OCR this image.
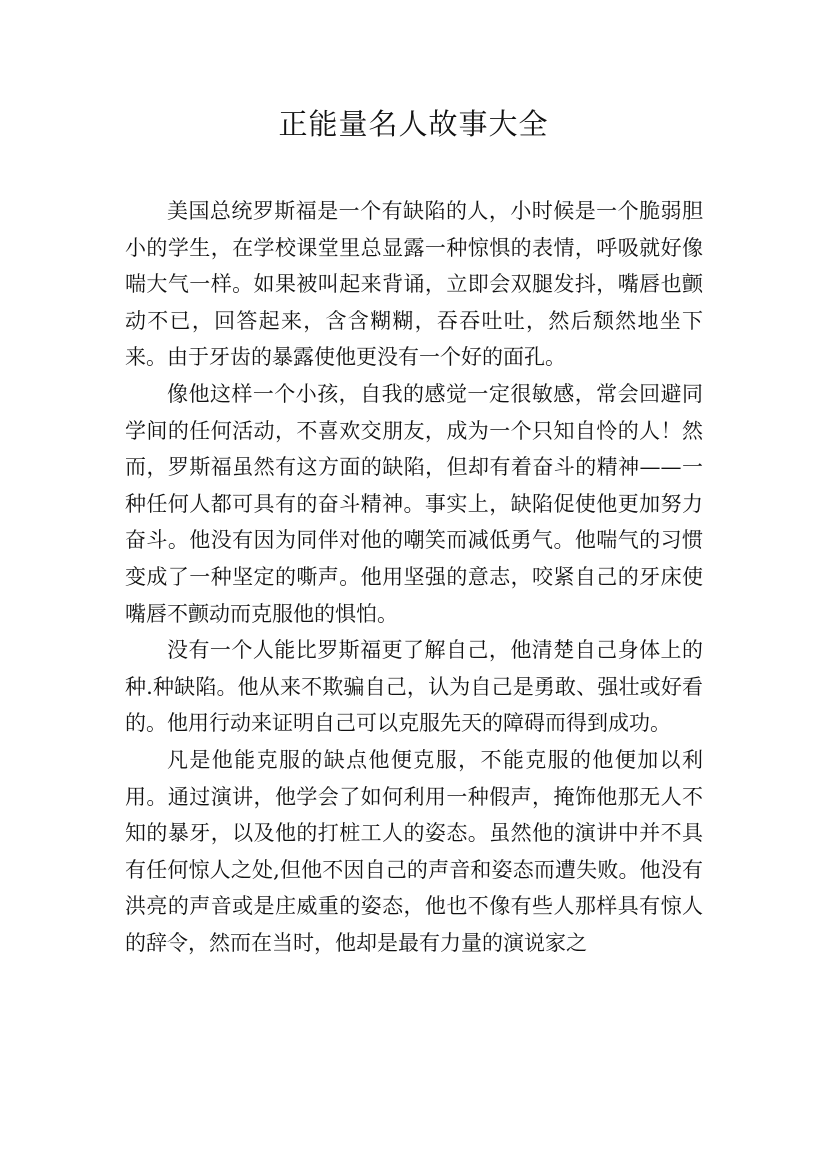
正能量名人故事大全

美国总统罗斯福是一个有缺陷的人，小时候是一个脆弱胆小的学生，在学校课堂里总显露一种惊惧的表情，呼吸就好像喘大气一样。如果被叫起来背诵，立即会双腿发抖，嘴唇也颤动不已，回答起来，含含糊糊，吞吞吐吐，然后颓然地坐下来。由于牙齿的暴露使他更没有一个好的面孔。

像他这样一个小孩，自我的感觉一定很敏感，常会回避同学间的任何活动，不喜欢交朋友，成为一个只知自怜的人！然而，罗斯福虽然有这方面的缺陷，但却有着奋斗的精神——一种任何人都可具有的奋斗精神。事实上，缺陷促使他更加努力奋斗。他没有因为同伴对他的嘲笑而减低勇气。他喘气的习惯变成了一种坚定的嘶声。他用坚强的意志，咬紧自己的牙床使嘴唇不颤动而克服他的惧怕。

没有一个人能比罗斯福更了解自己，他清楚自己身体上的种.种缺陷。他从来不欺骗自己，认为自己是勇敢、强壮或好看的。他用行动来证明自己可以克服先天的障碍而得到成功。

凡是他能克服的缺点他便克服，不能克服的他便加以利用。通过演讲，他学会了如何利用一种假声，掩饰他那无人不知的暴牙，以及他的打桩工人的姿态。虽然他的演讲中并不具有任何惊人之处,但他不因自己的声音和姿态而遭失败。他没有洪亮的声音或是庄威重的姿态，他也不像有些人那样具有惊人的辞令，然而在当时，他却是最有力量的演说家之
